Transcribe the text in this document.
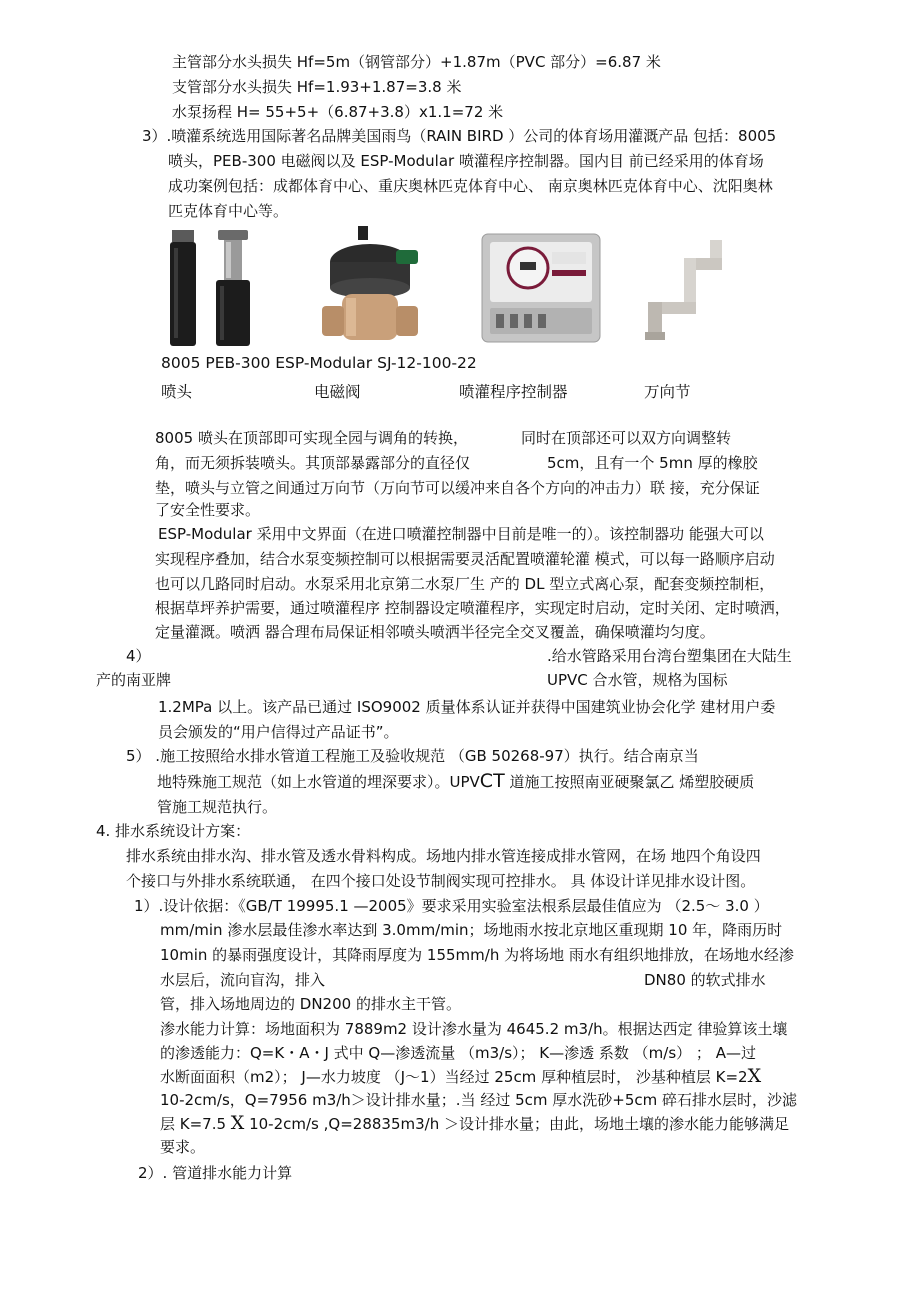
主管部分水头损失 Hf=5m（钢管部分）+1.87m（PVC 部分）=6.87 米
支管部分水头损失 Hf=1.93+1.87=3.8 米
水泵扬程 H= 55+5+（6.87+3.8）x1.1=72 米
3）.喷灌系统选用国际著名品牌美国雨鸟（RAIN BIRD ）公司的体育场用灌溉产品 包括：8005
喷头，PEB-300 电磁阀以及 ESP-Modular 喷灌程序控制器。国内目 前已经采用的体育场
成功案例包括：成都体育中心、重庆奥林匹克体育中心、 南京奥林匹克体育中心、沈阳奥林
匹克体育中心等。
8005 PEB-300 ESP-Modular SJ-12-100-22
喷头	电磁阀	喷灌程序控制器	万向节
8005 喷头在顶部即可实现全园与调角的转换，	同时在顶部还可以双方向调整转
角，而无须拆装喷头。其顶部暴露部分的直径仅	5cm，且有一个 5mn 厚的橡胶
垫，喷头与立管之间通过万向节（万向节可以缓冲来自各个方向的冲击力）联 接，充分保证
了安全性要求。
ESP-Modular 采用中文界面（在进口喷灌控制器中目前是唯一的）。该控制器功 能强大可以
实现程序叠加，结合水泵变频控制可以根据需要灵活配置喷灌轮灌 模式，可以每一路顺序启动
也可以几路同时启动。水泵采用北京第二水泵厂生 产的 DL 型立式离心泵，配套变频控制柜，
根据草坪养护需要，通过喷灌程序 控制器设定喷灌程序，实现定时启动，定时关闭、定时喷洒，
定量灌溉。喷洒 器合理布局保证相邻喷头喷洒半径完全交叉覆盖，确保喷灌均匀度。
4）	.给水管路采用台湾台塑集团在大陆生
产的南亚牌	UPVC 合水管，规格为国标
1.2MPa 以上。该产品已通过 ISO9002 质量体系认证并获得中国建筑业协会化学 建材用户委
员会颁发的“用户信得过产品证书”。
5） .施工按照给水排水管道工程施工及验收规范 （GB 50268-97）执行。结合南京当
地特殊施工规范（如上水管道的埋深要求）。UPVCT 道施工按照南亚硬聚氯乙 烯塑胶硬质
管施工规范执行。
4. 排水系统设计方案：
排水系统由排水沟、排水管及透水骨料构成。场地内排水管连接成排水管网，在场 地四个角设四
个接口与外排水系统联通， 在四个接口处设节制阀实现可控排水。 具 体设计详见排水设计图。
1）.设计依据：《GB/T 19995.1 —2005》要求采用实验室法根系层最佳值应为 （2.5～ 3.0 ）
mm/min 渗水层最佳渗水率达到 3.0mm/min；场地雨水按北京地区重现期 10 年，降雨历时
10min 的暴雨强度设计，其降雨厚度为 155mm/h 为将场地 雨水有组织地排放，在场地水经渗
水层后，流向盲沟，排入	DN80 的软式排水
管，排入场地周边的 DN200 的排水主干管。
渗水能力计算：场地面积为 7889m2 设计渗水量为 4645.2 m3/h。根据达西定 律验算该土壤
的渗透能力：Q=K・A・J 式中 Q—渗透流量 （m3/s）； K—渗透 系数 （m/s） ； A—过
水断面面积（m2）； J—水力坡度 （J～1）当经过 25cm 厚种植层时， 沙基种植层 K=2X
10-2cm/s，Q=7956 m3/h＞设计排水量；.当 经过 5cm 厚水洗砂+5cm 碎石排水层时，沙滤
层 K=7.5 X 10-2cm/s ,Q=28835m3/h ＞设计排水量；由此，场地土壤的渗水能力能够满足
要求。
2）. 管道排水能力计算
